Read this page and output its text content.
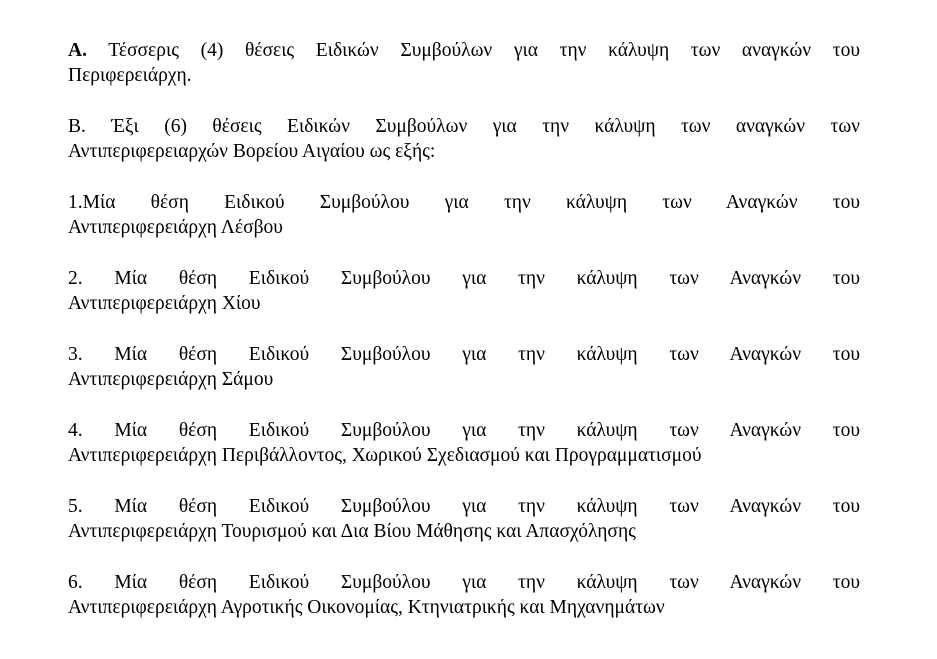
Α. Τέσσερις (4) θέσεις Ειδικών Συμβούλων για την κάλυψη των αναγκών του
Περιφερειάρχη.

Β. Έξι (6) θέσεις Ειδικών Συμβούλων για την κάλυψη των αναγκών των
Αντιπεριφερειαρχών Βορείου Αιγαίου ως εξής:

1.Μία θέση Ειδικού Συμβούλου για την κάλυψη των Αναγκών του
Αντιπεριφερειάρχη Λέσβου

2. Μία θέση Ειδικού Συμβούλου για την κάλυψη των Αναγκών του
Αντιπεριφερειάρχη Χίου

3. Μία θέση Ειδικού Συμβούλου για την κάλυψη των Αναγκών του
Αντιπεριφερειάρχη Σάμου

4. Μία θέση Ειδικού Συμβούλου για την κάλυψη των Αναγκών του
Αντιπεριφερειάρχη Περιβάλλοντος, Χωρικού Σχεδιασμού και Προγραμματισμού

5. Μία θέση Ειδικού Συμβούλου για την κάλυψη των Αναγκών του
Αντιπεριφερειάρχη Τουρισμού και Δια Βίου Μάθησης και Απασχόλησης

6. Μία θέση Ειδικού Συμβούλου για την κάλυψη των Αναγκών του
Αντιπεριφερειάρχη Αγροτικής Οικονομίας, Κτηνιατρικής και Μηχανημάτων
